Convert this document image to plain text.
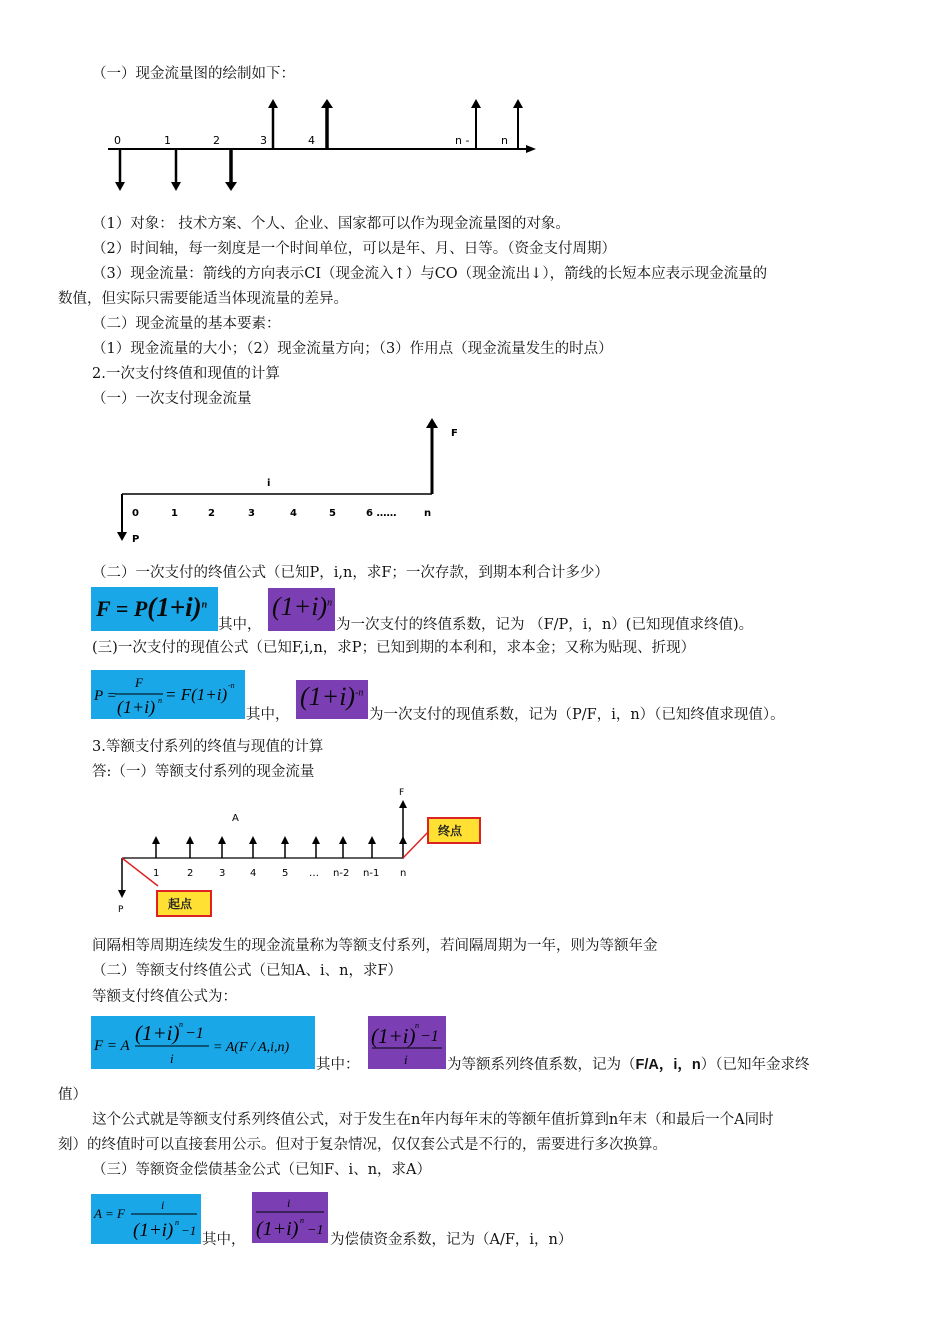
（一）现金流量图的绘制如下：
0	1	2	3	4	n -	n
（1）对象： 技术方案、个人、企业、国家都可以作为现金流量图的对象。
（2）时间轴，每一刻度是一个时间单位，可以是年、月、日等。（资金支付周期）
（3）现金流量：箭线的方向表示CI（现金流入↑）与CO（现金流出↓），箭线的长短本应表示现金流量的
数值，但实际只需要能适当体现流量的差异。
（二）现金流量的基本要素：
（1）现金流量的大小；（2）现金流量方向；（3）作用点（现金流量发生的时点）
2.一次支付终值和现值的计算
（一）一次支付现金流量
F
i
0	1	2	3	4	5	6 ……	n
P
（二）一次支付的终值公式（已知P，i,n，求F；一次存款，到期本利合计多少）
$F = P(1+i)^n$
其中，
$(1+i)^n$
为一次支付的终值系数，记为 （F/P，i，n）(已知现值求终值)。
(三)一次支付的现值公式（已知F,i,n，求P；已知到期的本利和，求本金；又称为贴现、折现）
P =
F
(1+i) n = F(1+i) -n
其中，
$(1+i)^{-n}$
为一次支付的现值系数，记为（P/F，i，n）（已知终值求现值）。
3.等额支付系列的终值与现值的计算
答:（一）等额支付系列的现金流量
P
F
A
终点
起点
1	2	3 4	5 … n-2 n-1 n
间隔相等周期连续发生的现金流量称为等额支付系列，若间隔周期为一年，则为等额年金
（二）等额支付终值公式（已知A、i、n，求F）
等额支付终值公式为：
F = A
(1+i) n
−1
i
= A(F / A,i,n)
其中：
(1+i) n
−1
i	为等额系列终值系数，记为（F/A，i，n）（已知年金求终
值）
这个公式就是等额支付系列终值公式，对于发生在n年内每年末的等额年值折算到n年末（和最后一个A同时
刻）的终值时可以直接套用公示。但对于复杂情况，仅仅套公式是不行的，需要进行多次换算。
（三）等额资金偿债基金公式（已知F、i、n，求A）
A = F
i
(1+i) n
−1
其中，
i
(1+i) n
−1
为偿债资金系数，记为（A/F，i，n）
